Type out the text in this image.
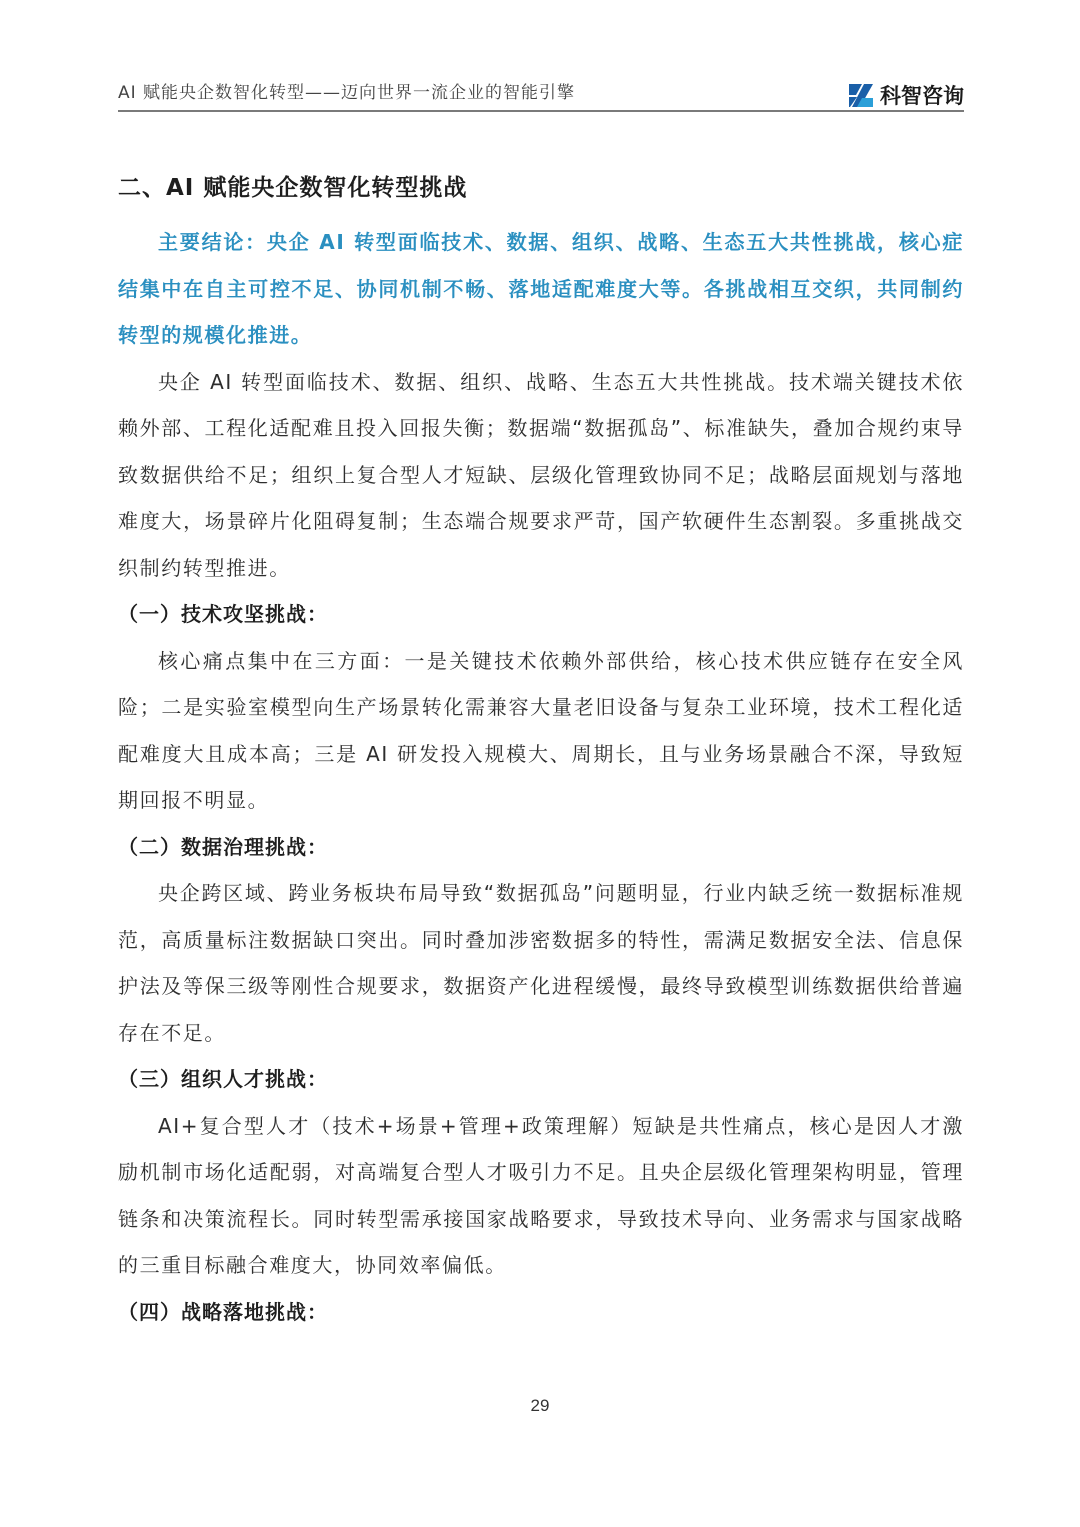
AI 赋能央企数智化转型——迈向世界一流企业的智能引擎	科智咨询
二、AI 赋能央企数智化转型挑战

主要结论：央企 AI 转型面临技术、数据、组织、战略、生态五大共性挑战，核心症结集中在自主可控不足、协同机制不畅、落地适配难度大等。各挑战相互交织，共同制约转型的规模化推进。

央企 AI 转型面临技术、数据、组织、战略、生态五大共性挑战。技术端关键技术依赖外部、工程化适配难且投入回报失衡；数据端“数据孤岛”、标准缺失，叠加合规约束导致数据供给不足；组织上复合型人才短缺、层级化管理致协同不足；战略层面规划与落地难度大，场景碎片化阻碍复制；生态端合规要求严苛，国产软硬件生态割裂。多重挑战交织制约转型推进。

（一）技术攻坚挑战：

核心痛点集中在三方面：一是关键技术依赖外部供给，核心技术供应链存在安全风险；二是实验室模型向生产场景转化需兼容大量老旧设备与复杂工业环境，技术工程化适配难度大且成本高；三是 AI 研发投入规模大、周期长，且与业务场景融合不深，导致短期回报不明显。

（二）数据治理挑战：

央企跨区域、跨业务板块布局导致“数据孤岛”问题明显，行业内缺乏统一数据标准规范，高质量标注数据缺口突出。同时叠加涉密数据多的特性，需满足数据安全法、信息保护法及等保三级等刚性合规要求，数据资产化进程缓慢，最终导致模型训练数据供给普遍存在不足。

（三）组织人才挑战：

AI+复合型人才（技术+场景+管理+政策理解）短缺是共性痛点，核心是因人才激励机制市场化适配弱，对高端复合型人才吸引力不足。且央企层级化管理架构明显，管理链条和决策流程长。同时转型需承接国家战略要求，导致技术导向、业务需求与国家战略的三重目标融合难度大，协同效率偏低。

（四）战略落地挑战：
29
